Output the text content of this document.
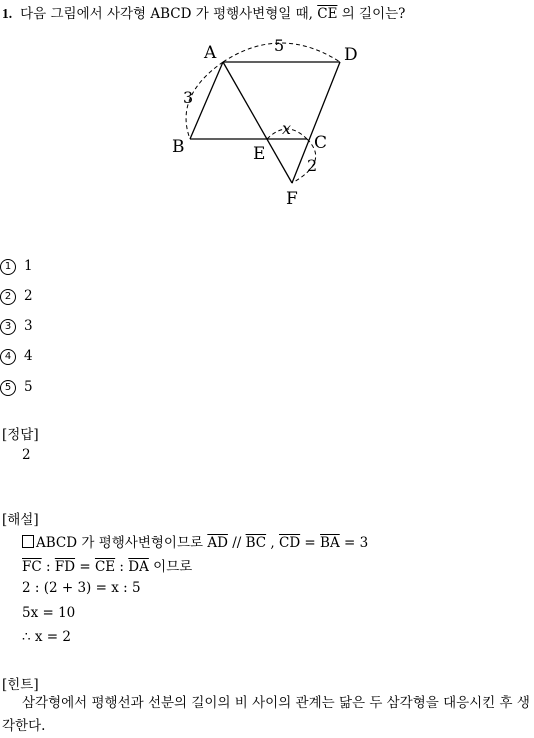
1. 다음 그림에서 사각형 ABCD 가 평행사변형일 때, $\overline{CE}$ 의 길이는?
A	D
B	C
E
F
5
3
2
x
1 1
2 2
3 3
4 4
5 5
[정답]
2
[해설]
ABCD 가 평행사변형이므로 $\overline{AD} // \overline{BC}$ , $\overline{CD} = \overline{BA} = 3$
$\overline{FC}$ : $\overline{FD} = \overline{CE}$ : $\overline{DA}$ 이므로
2 : (2 + 3) = x : 5
5x = 10
∴ x = 2
[힌트]
삼각형에서 평행선과 선분의 길이의 비 사이의 관계는 닮은 두 삼각형을 대응시킨 후 생각한다.
